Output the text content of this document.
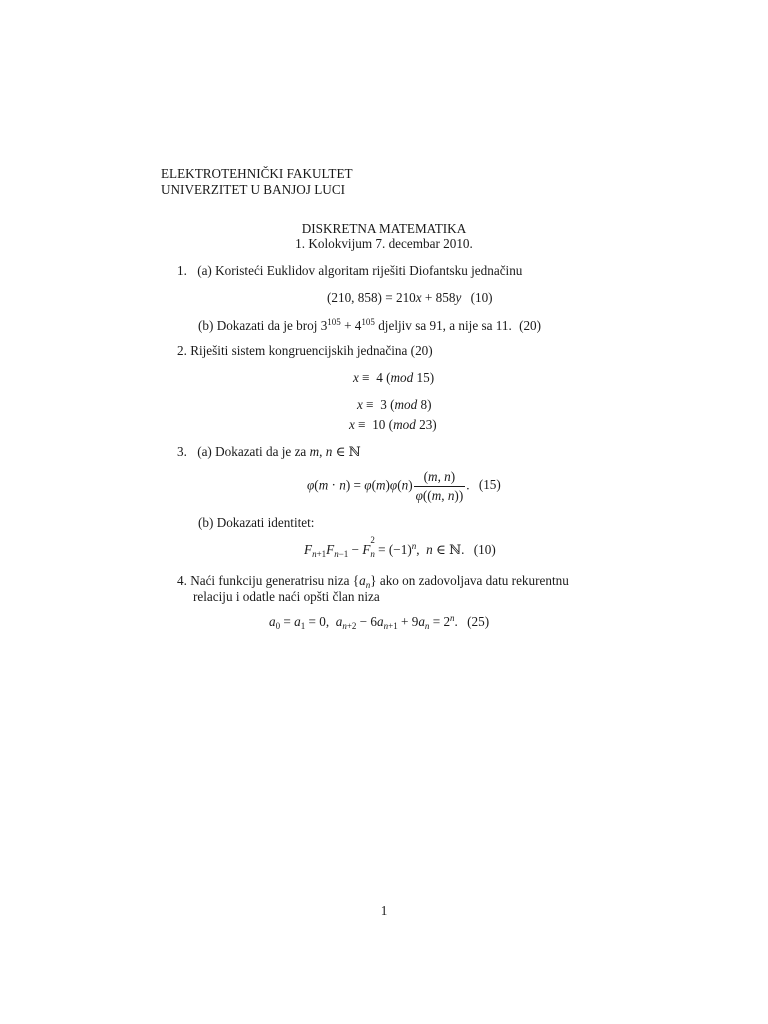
ELEKTROTEHNIČKI FAKULTET
UNIVERZITET U BANJOJ LUCI
DISKRETNA MATEMATIKA
1. Kolokvijum 7. decembar 2010.
1. (a) Koristeći Euklidov algoritam riješiti Diofantsku jednačinu
(210, 858) = 210x + 858y (10)
(b) Dokazati da je broj $3^{105} + 4^{105}$ djeljiv sa 91, a nije sa 11. (20)
2. Riješiti sistem kongruencijskih jednačina (20)
x ≡  4 (mod 15)
x ≡  3 (mod 8)
x ≡  10 (mod 23)
3. (a) Dokazati da je za m, n ∈ ℕ
$\varphi(m \cdot n) = \varphi(m)\varphi(n) \frac{(m, n)}{\varphi((m, n))}$ . (15)
(b) Dokazati identitet:
$F_{n+1}F_{n-1} - F$
2
$_n = (-1)^n$,  n ∈ ℕ. (10)
4. Naći funkciju generatrisu niza $\{a_n\}$ ako on zadovoljava datu rekurentnu
relaciju i odatle naći opšti član niza
$a_0 = a_1 = 0$,  $a_{n+2} - 6a_{n+1} + 9a_n = 2^n$. (25)
1
